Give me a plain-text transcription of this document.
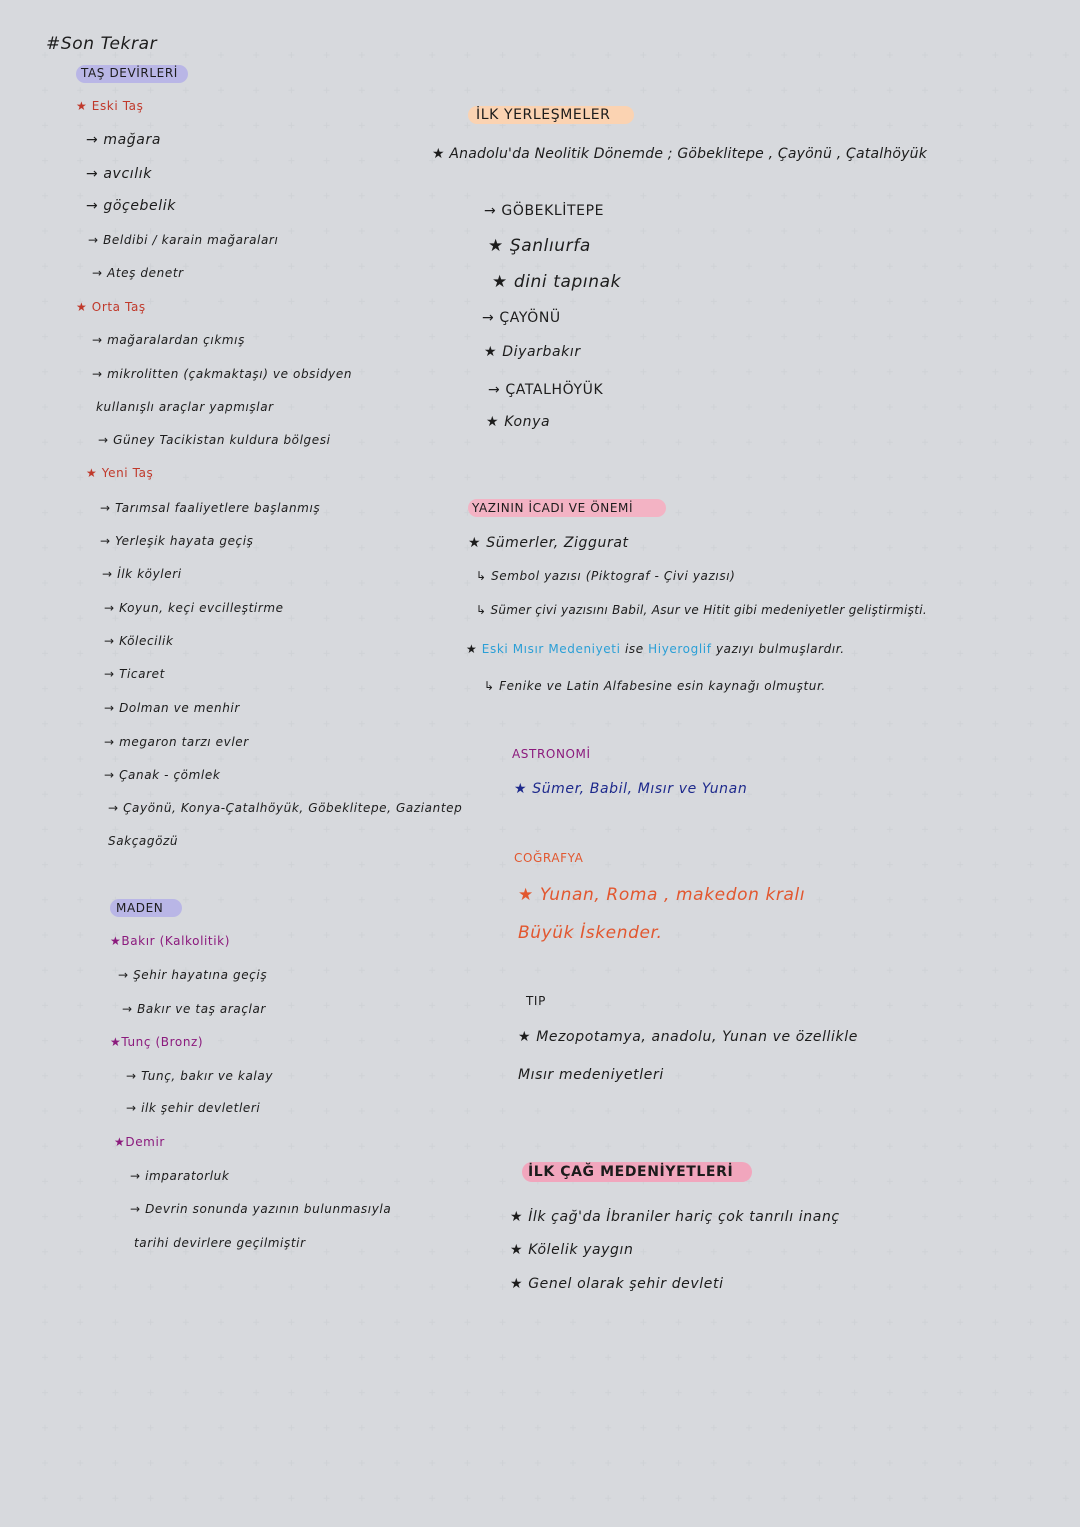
#Son Tekrar
TAŞ DEVİRLERİ
★ Eski Taş
→ mağara
→ avcılık
→ göçebelik
→ Beldibi / karain mağaraları
→ Ateş denetr
★ Orta Taş
→ mağaralardan çıkmış
→ mikrolitten (çakmaktaşı) ve obsidyen
kullanışlı araçlar yapmışlar
→ Güney Tacikistan kuldura bölgesi
★ Yeni Taş
→ Tarımsal faaliyetlere başlanmış
→ Yerleşik hayata geçiş
→ İlk köyleri
→ Koyun, keçi evcilleştirme
→ Kölecilik
→ Ticaret
→ Dolman ve menhir
→ megaron tarzı evler
→ Çanak - çömlek
→ Çayönü, Konya-Çatalhöyük, Göbeklitepe, Gaziantep
Sakçagözü
MADEN
★Bakır (Kalkolitik)
→ Şehir hayatına geçiş
→ Bakır ve taş araçlar
★Tunç (Bronz)
→ Tunç, bakır ve kalay
→ ilk şehir devletleri
★Demir
→ imparatorluk
→ Devrin sonunda yazının bulunmasıyla
tarihi devirlere geçilmiştir
İLK YERLEŞMELER
★ Anadolu'da Neolitik Dönemde ; Göbeklitepe , Çayönü , Çatalhöyük
→ GÖBEKLİTEPE
★ Şanlıurfa
★ dini tapınak
→ ÇAYÖNÜ
★ Diyarbakır
→ ÇATALHÖYÜK
★ Konya
YAZININ İCADI VE ÖNEMİ
★ Sümerler, Ziggurat
↳ Sembol yazısı (Piktograf - Çivi yazısı)
↳ Sümer çivi yazısını Babil, Asur ve Hitit gibi medeniyetler geliştirmişti.
★ Eski Mısır Medeniyeti ise Hiyeroglif yazıyı bulmuşlardır.
↳ Fenike ve Latin Alfabesine esin kaynağı olmuştur.
ASTRONOMİ
★ Sümer, Babil, Mısır ve Yunan
COĞRAFYA
★ Yunan, Roma , makedon kralı
Büyük İskender.
TIP
★ Mezopotamya, anadolu, Yunan ve özellikle
Mısır medeniyetleri
İLK ÇAĞ MEDENİYETLERİ
★ İlk çağ'da İbraniler hariç çok tanrılı inanç
★ Kölelik yaygın
★ Genel olarak şehir devleti
